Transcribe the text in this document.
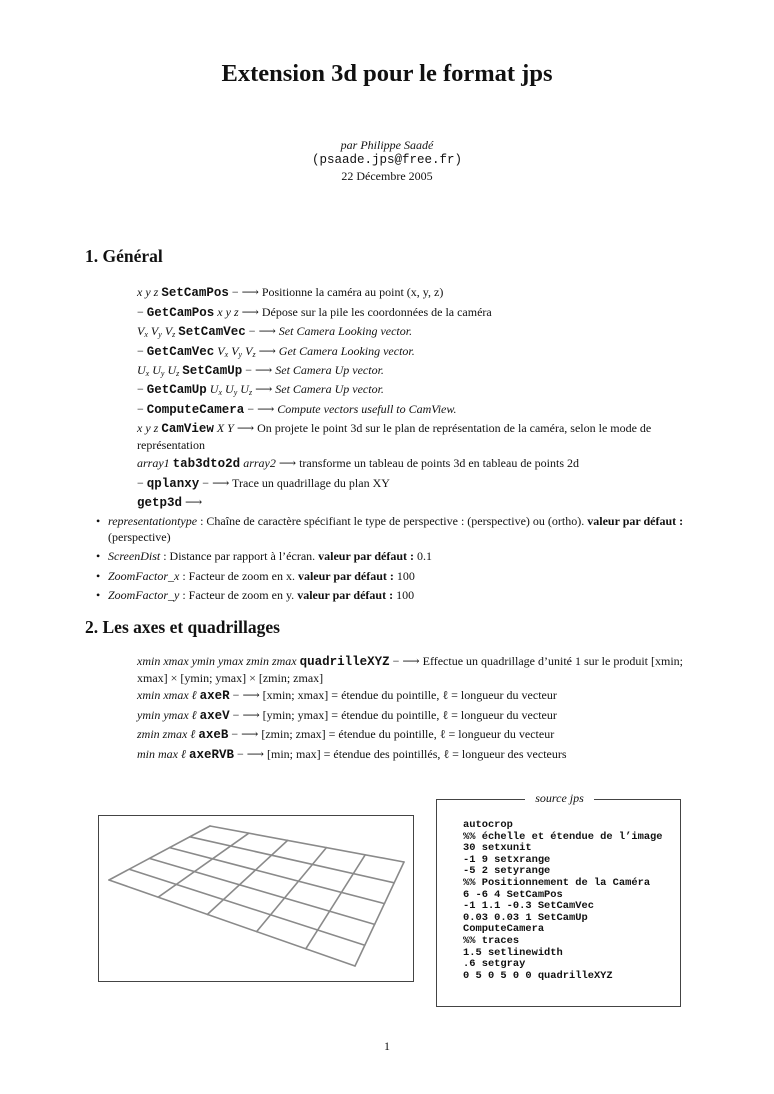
Extension 3d pour le format jps
par Philippe Saadé
(psaade.jps@free.fr)
22 Décembre 2005
1. Général
x y z SetCamPos − ⟶ Positionne la caméra au point (x, y, z)
− GetCamPos x y z ⟶ Dépose sur la pile les coordonnées de la caméra
$V_x$ $V_y$ $V_z$ SetCamVec − ⟶ Set Camera Looking vector.
− GetCamVec $V_x$ $V_y$ $V_z$ ⟶ Get Camera Looking vector.
$U_x$ $U_y$ $U_z$ SetCamUp − ⟶ Set Camera Up vector.
− GetCamUp $U_x$ $U_y$ $U_z$ ⟶ Set Camera Up vector.
− ComputeCamera − ⟶ Compute vectors usefull to CamView.
x y z CamView X Y ⟶ On projete le point 3d sur le plan de représentation de la caméra, selon le mode de représentation
array1 tab3dto2d array2 ⟶ transforme un tableau de points 3d en tableau de points 2d
− qplanxy − ⟶ Trace un quadrillage du plan XY
getp3d ⟶
• representationtype : Chaîne de caractère spécifiant le type de perspective : (perspective) ou (ortho). valeur par défaut : (perspective)
• ScreenDist : Distance par rapport à l’écran. valeur par défaut : 0.1
• ZoomFactor_x : Facteur de zoom en x. valeur par défaut : 100
• ZoomFactor_y : Facteur de zoom en y. valeur par défaut : 100
2. Les axes et quadrillages
xmin xmax ymin ymax zmin zmax quadrilleXYZ − ⟶ Effectue un quadrillage d’unité 1 sur le produit [xmin; xmax] × [ymin; ymax] × [zmin; zmax]
xmin xmax ℓ axeR − ⟶ [xmin; xmax] = étendue du pointille, ℓ = longueur du vecteur
ymin ymax ℓ axeV − ⟶ [ymin; ymax] = étendue du pointille, ℓ = longueur du vecteur
zmin zmax ℓ axeB − ⟶ [zmin; zmax] = étendue du pointille, ℓ = longueur du vecteur
min max ℓ axeRVB − ⟶ [min; max] = étendue des pointillés, ℓ = longueur des vecteurs
source jps
autocrop
%% échelle et étendue de l’image
30 setxunit
-1 9 setxrange
-5 2 setyrange
%% Positionnement de la Caméra
6 -6 4 SetCamPos
-1 1.1 -0.3 SetCamVec
0.03 0.03 1 SetCamUp
ComputeCamera
%% traces
1.5 setlinewidth
.6 setgray
0 5 0 5 0 0 quadrilleXYZ
1
